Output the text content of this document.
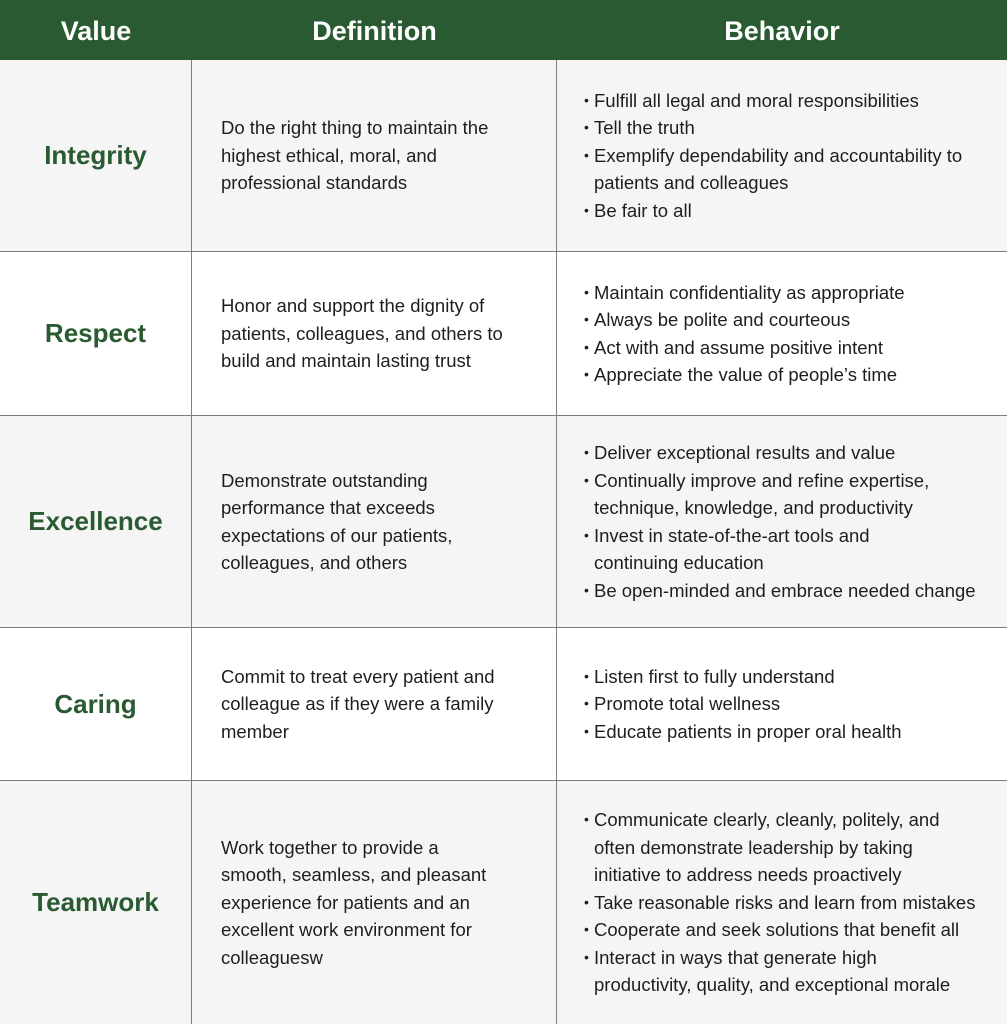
Value	Definition	Behavior
Integrity
Do the right thing to maintain the highest ethical, moral, and professional standards
• Fulfill all legal and moral responsibilities
• Tell the truth
• Exemplify dependability and accountability to patients and colleagues
• Be fair to all
Respect
Honor and support the dignity of patients, colleagues, and others to build and maintain lasting trust
• Maintain confidentiality as appropriate
• Always be polite and courteous
• Act with and assume positive intent
• Appreciate the value of people’s time
Excellence
Demonstrate outstanding performance that exceeds expectations of our patients, colleagues, and others
• Deliver exceptional results and value
• Continually improve and refine expertise, technique, knowledge, and productivity
• Invest in state-of-the-art tools and continuing education
• Be open-minded and embrace needed change
Caring
Commit to treat every patient and colleague as if they were a family member
• Listen first to fully understand
• Promote total wellness
• Educate patients in proper oral health
Teamwork
Work together to provide a smooth, seamless, and pleasant experience for patients and an excellent work environment for colleaguesw
• Communicate clearly, cleanly, politely, and often demonstrate leadership by taking initiative to address needs proactively
• Take reasonable risks and learn from mistakes
• Cooperate and seek solutions that benefit all
• Interact in ways that generate high productivity, quality, and exceptional morale
